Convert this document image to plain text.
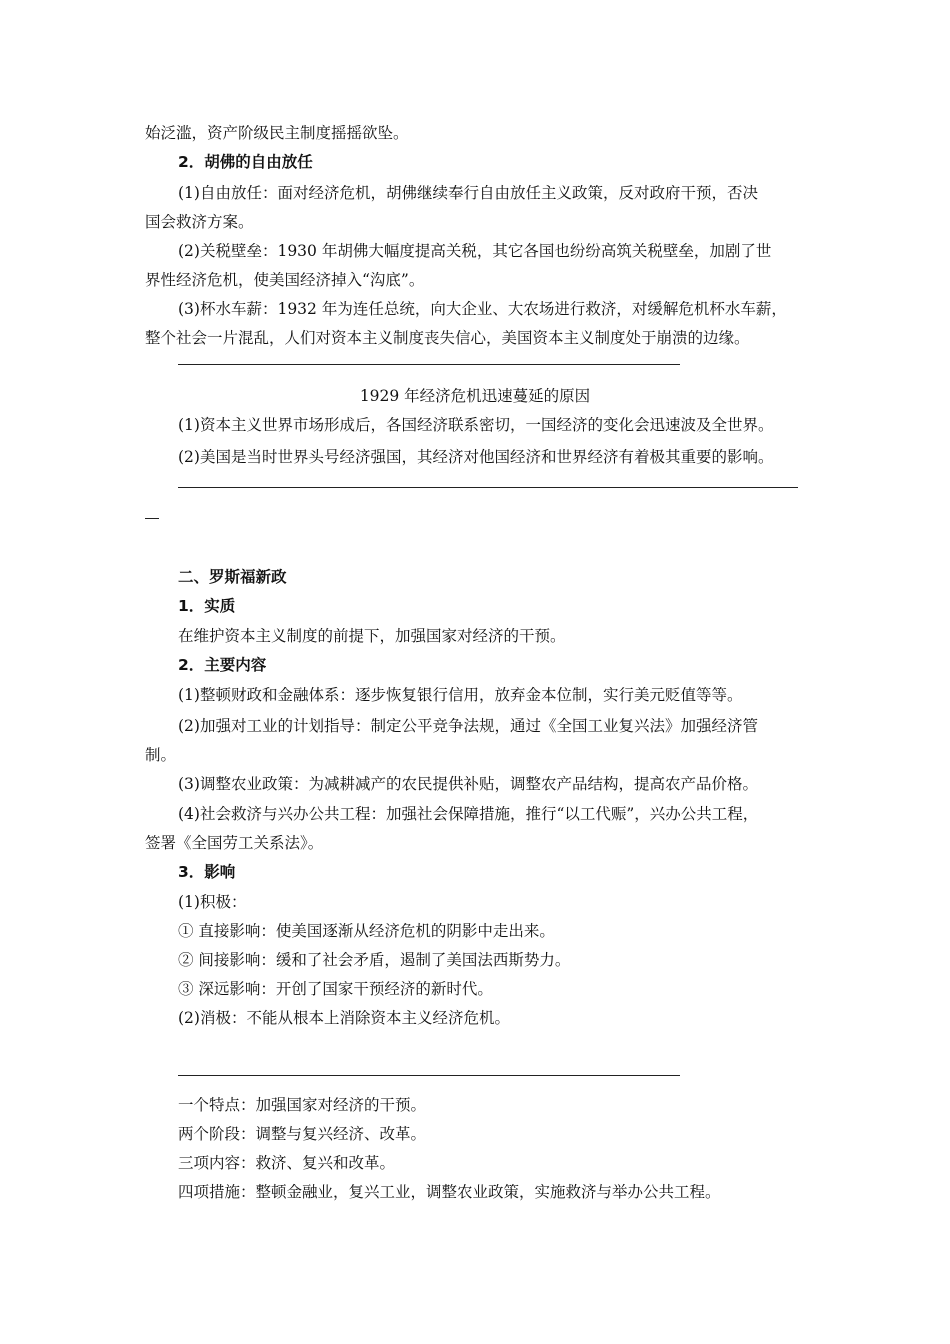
始泛滥，资产阶级民主制度摇摇欲坠。
2．胡佛的自由放任
(1)自由放任：面对经济危机，胡佛继续奉行自由放任主义政策，反对政府干预，否决
国会救济方案。
(2)关税壁垒：1930 年胡佛大幅度提高关税，其它各国也纷纷高筑关税壁垒，加剧了世
界性经济危机，使美国经济掉入“沟底”。
(3)杯水车薪：1932 年为连任总统，向大企业、大农场进行救济，对缓解危机杯水车薪，
整个社会一片混乱，人们对资本主义制度丧失信心，美国资本主义制度处于崩溃的边缘。
1929 年经济危机迅速蔓延的原因
(1)资本主义世界市场形成后，各国经济联系密切，一国经济的变化会迅速波及全世界。
(2)美国是当时世界头号经济强国，其经济对他国经济和世界经济有着极其重要的影响。
二、罗斯福新政
1．实质
在维护资本主义制度的前提下，加强国家对经济的干预。
2．主要内容
(1)整顿财政和金融体系：逐步恢复银行信用，放弃金本位制，实行美元贬值等等。
(2)加强对工业的计划指导：制定公平竞争法规，通过《全国工业复兴法》加强经济管
制。
(3)调整农业政策：为减耕减产的农民提供补贴，调整农产品结构，提高农产品价格。
(4)社会救济与兴办公共工程：加强社会保障措施，推行“以工代赈”，兴办公共工程，
签署《全国劳工关系法》。
3．影响
(1)积极：
① 直接影响：使美国逐渐从经济危机的阴影中走出来。
② 间接影响：缓和了社会矛盾，遏制了美国法西斯势力。
③ 深远影响：开创了国家干预经济的新时代。
(2)消极：不能从根本上消除资本主义经济危机。
一个特点：加强国家对经济的干预。
两个阶段：调整与复兴经济、改革。
三项内容：救济、复兴和改革。
四项措施：整顿金融业，复兴工业，调整农业政策，实施救济与举办公共工程。
